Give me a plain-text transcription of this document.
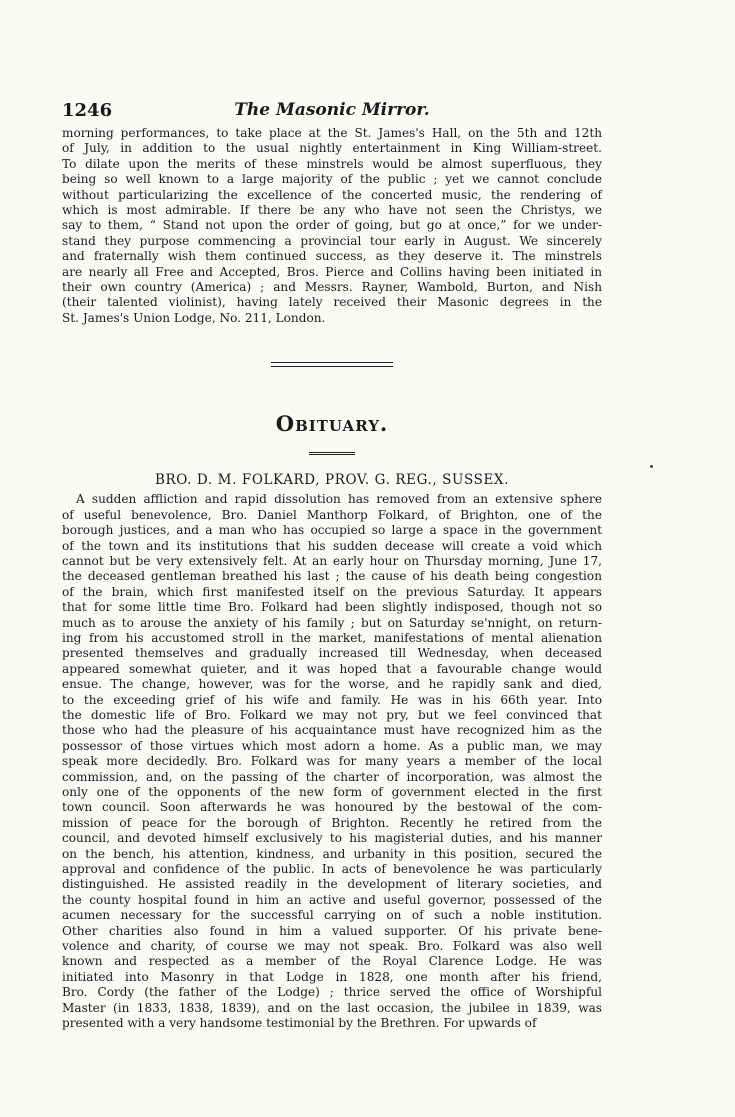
1246	The Masonic Mirror.
morning performances, to take place at the St. James's Hall, on the 5th and 12th
of July, in addition to the usual nightly entertainment in King William-street.
To dilate upon the merits of these minstrels would be almost superfluous, they
being so well known to a large majority of the public ; yet we cannot conclude
without particularizing the excellence of the concerted music, the rendering of
which is most admirable. If there be any who have not seen the Christys, we
say to them, “ Stand not upon the order of going, but go at once,” for we under-
stand they purpose commencing a provincial tour early in August. We sincerely
and fraternally wish them continued success, as they deserve it. The minstrels
are nearly all Free and Accepted, Bros. Pierce and Collins having been initiated in
their own country (America) ; and Messrs. Rayner, Wambold, Burton, and Nish
(their talented violinist), having lately received their Masonic degrees in the
St. James's Union Lodge, No. 211, London.
Obituary.
BRO. D. M. FOLKARD, PROV. G. REG., SUSSEX.
A sudden affliction and rapid dissolution has removed from an extensive sphere
of useful benevolence, Bro. Daniel Manthorp Folkard, of Brighton, one of the
borough justices, and a man who has occupied so large a space in the government
of the town and its institutions that his sudden decease will create a void which
cannot but be very extensively felt. At an early hour on Thursday morning, June 17,
the deceased gentleman breathed his last ; the cause of his death being congestion
of the brain, which first manifested itself on the previous Saturday. It appears
that for some little time Bro. Folkard had been slightly indisposed, though not so
much as to arouse the anxiety of his family ; but on Saturday se'nnight, on return-
ing from his accustomed stroll in the market, manifestations of mental alienation
presented themselves and gradually increased till Wednesday, when deceased
appeared somewhat quieter, and it was hoped that a favourable change would
ensue. The change, however, was for the worse, and he rapidly sank and died,
to the exceeding grief of his wife and family. He was in his 66th year. Into
the domestic life of Bro. Folkard we may not pry, but we feel convinced that
those who had the pleasure of his acquaintance must have recognized him as the
possessor of those virtues which most adorn a home. As a public man, we may
speak more decidedly. Bro. Folkard was for many years a member of the local
commission, and, on the passing of the charter of incorporation, was almost the
only one of the opponents of the new form of government elected in the first
town council. Soon afterwards he was honoured by the bestowal of the com-
mission of peace for the borough of Brighton. Recently he retired from the
council, and devoted himself exclusively to his magisterial duties, and his manner
on the bench, his attention, kindness, and urbanity in this position, secured the
approval and confidence of the public. In acts of benevolence he was particularly
distinguished. He assisted readily in the development of literary societies, and
the county hospital found in him an active and useful governor, possessed of the
acumen necessary for the successful carrying on of such a noble institution.
Other charities also found in him a valued supporter. Of his private bene-
volence and charity, of course we may not speak. Bro. Folkard was also well
known and respected as a member of the Royal Clarence Lodge. He was
initiated into Masonry in that Lodge in 1828, one month after his friend,
Bro. Cordy (the father of the Lodge) ; thrice served the office of Worshipful
Master (in 1833, 1838, 1839), and on the last occasion, the jubilee in 1839, was
presented with a very handsome testimonial by the Brethren. For upwards of
